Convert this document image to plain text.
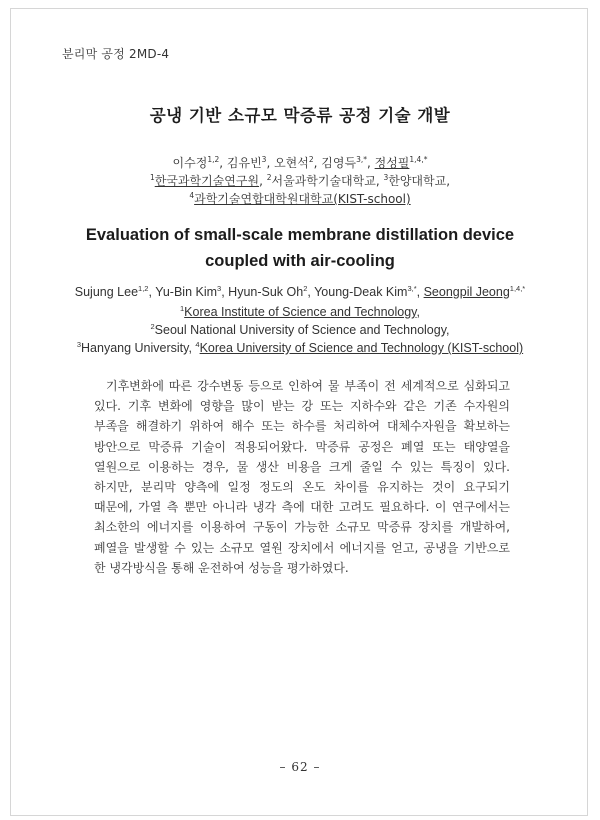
분리막 공정 2MD-4
공냉 기반 소규모 막증류 공정 기술 개발
이수정$^{1,2}$, 김유빈$^3$, 오현석$^2$, 김영득$^{3,*}$, 정성필$^{1,4,*}$
$^1$한국과학기술연구원, $^2$서울과학기술대학교, $^3$한양대학교,
$^4$과학기술연합대학원대학교(KIST-school)
Evaluation of small-scale membrane distillation device
coupled with air-cooling
Sujung Lee$^{1,2}$, Yu-Bin Kim$^3$, Hyun-Suk Oh$^2$, Young-Deak Kim$^{3,*}$, Seongpil Jeong$^{1,4,*}$
$^1$Korea Institute of Science and Technology,
$^2$Seoul National University of Science and Technology,
$^3$Hanyang University, $^4$Korea University of Science and Technology (KIST-school)
기후변화에 따른 강수변동 등으로 인하여 물 부족이 전 세계적으로 심화되고 있다. 기후 변화에 영향을 많이 받는 강 또는 지하수와 같은 기존 수자원의 부족을 해결하기 위하여 해수 또는 하수를 처리하여 대체수자원을 확보하는 방안으로 막증류 기술이 적용되어왔다. 막증류 공정은 폐열 또는 태양열을 열원으로 이용하는 경우, 물 생산 비용을 크게 줄일 수 있는 특징이 있다. 하지만, 분리막 양측에 일정 정도의 온도 차이를 유지하는 것이 요구되기 때문에, 가열 측 뿐만 아니라 냉각 측에 대한 고려도 필요하다. 이 연구에서는 최소한의 에너지를 이용하여 구동이 가능한 소규모 막증류 장치를 개발하여, 폐열을 발생할 수 있는 소규모 열원 장치에서 에너지를 얻고, 공냉을 기반으로 한 냉각방식을 통해 운전하여 성능을 평가하였다.
– 62 –
